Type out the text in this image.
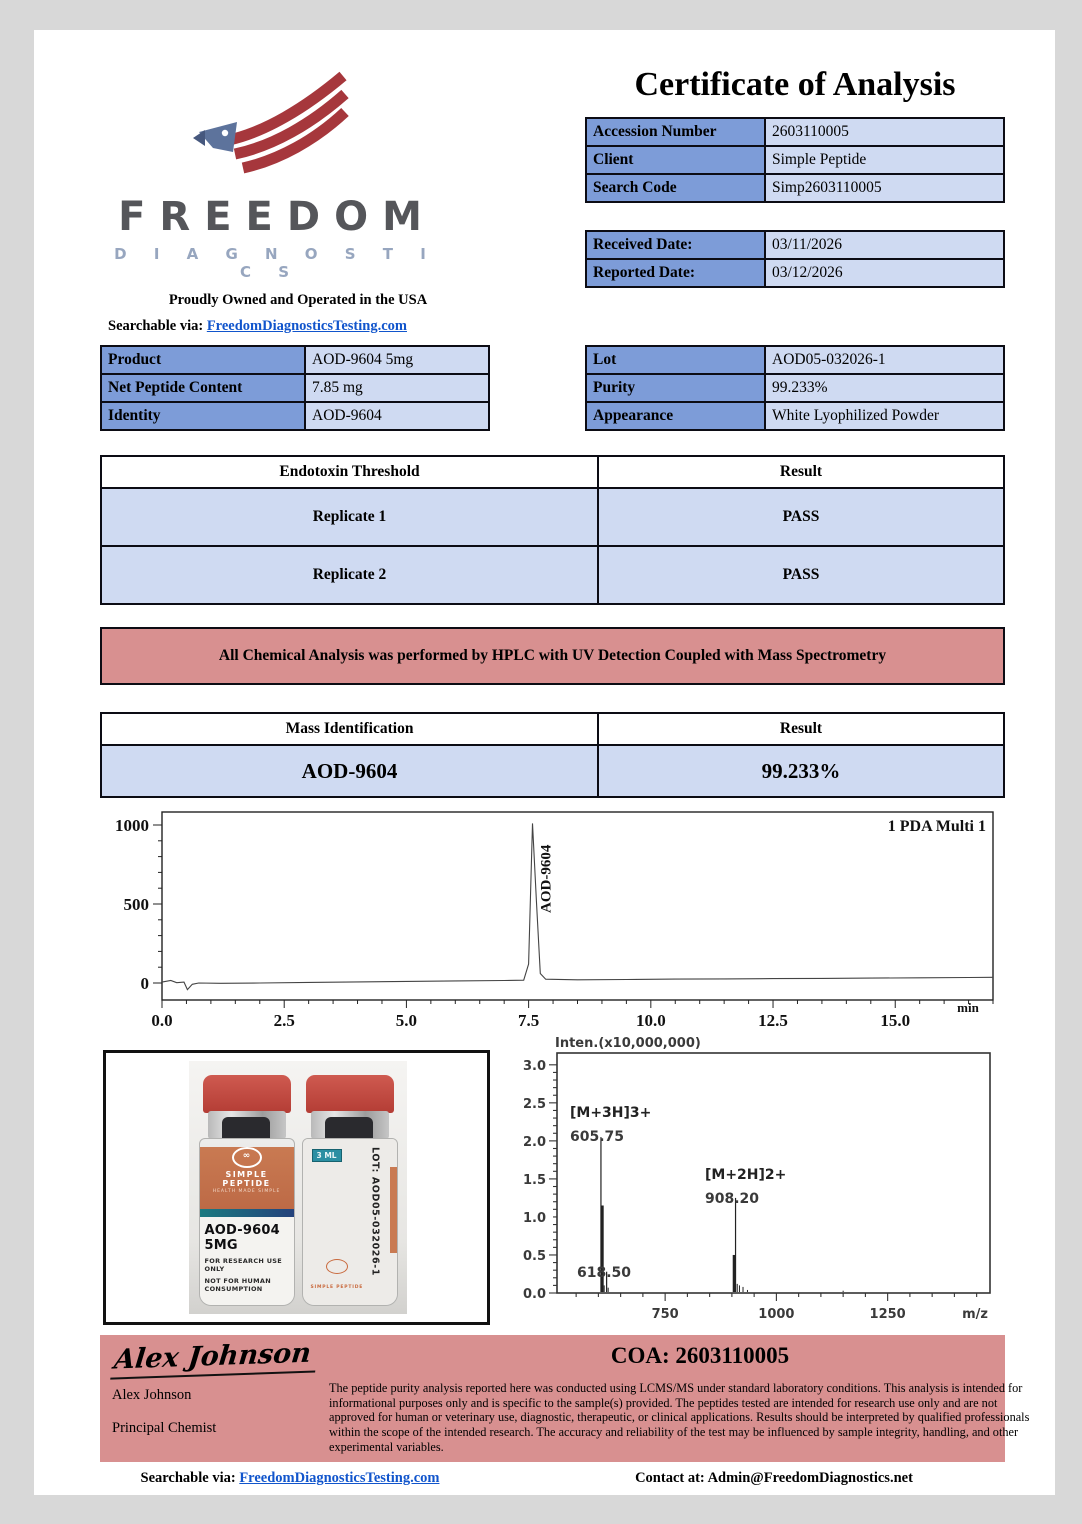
FREEDOM
D I A G N O S T I C S
Proudly Owned and Operated in the USA
Searchable via: FreedomDiagnosticsTesting.com
Certificate of Analysis
Accession Number	2603110005
Client	Simple Peptide
Search Code	Simp2603110005
Received Date:	03/11/2026
Reported Date:	03/12/2026
Product	AOD-9604 5mg
Net Peptide Content	7.85 mg
Identity	AOD-9604
Lot	AOD05-032026-1
Purity	99.233%
Appearance	White Lyophilized Powder
Endotoxin Threshold	Result
Replicate 1	PASS
Replicate 2	PASS
All Chemical Analysis was performed by HPLC with UV Detection Coupled with Mass Spectrometry
Mass Identification	Result
AOD-9604	99.233%
0
500
1000
0.0	2.5	5.0	7.5	10.0	12.5	15.0
min
1 PDA Multi 1
AOD-9604
∞
SIMPLE PEPTIDE
HEALTH MADE SIMPLE
AOD-9604 5MG
FOR RESEARCH USE ONLY
NOT FOR HUMAN CONSUMPTION
3 ML	LOT: AOD05-032026-1
SIMPLE PEPTIDE	0.0
0.5
1.0
1.5
2.0
2.5
3.0
750	1000	1250	m/z
Inten.(x10,000,000)
[M+3H]3+
605.75
[M+2H]2+
908.20
618.50
Alex Johnson
Alex Johnson
Principal Chemist
COA: 2603110005
The peptide purity analysis reported here was conducted using LCMS/MS under standard laboratory conditions. This analysis is intended for informational purposes only and is specific to the sample(s) provided. The peptides tested are intended for research use only and are not approved for human or veterinary use, diagnostic, therapeutic, or clinical applications. Results should be interpreted by qualified professionals within the scope of the intended research. The accuracy and reliability of the test may be influenced by sample integrity, handling, and other experimental variables.
Searchable via: FreedomDiagnosticsTesting.com	Contact at: Admin@FreedomDiagnostics.net
